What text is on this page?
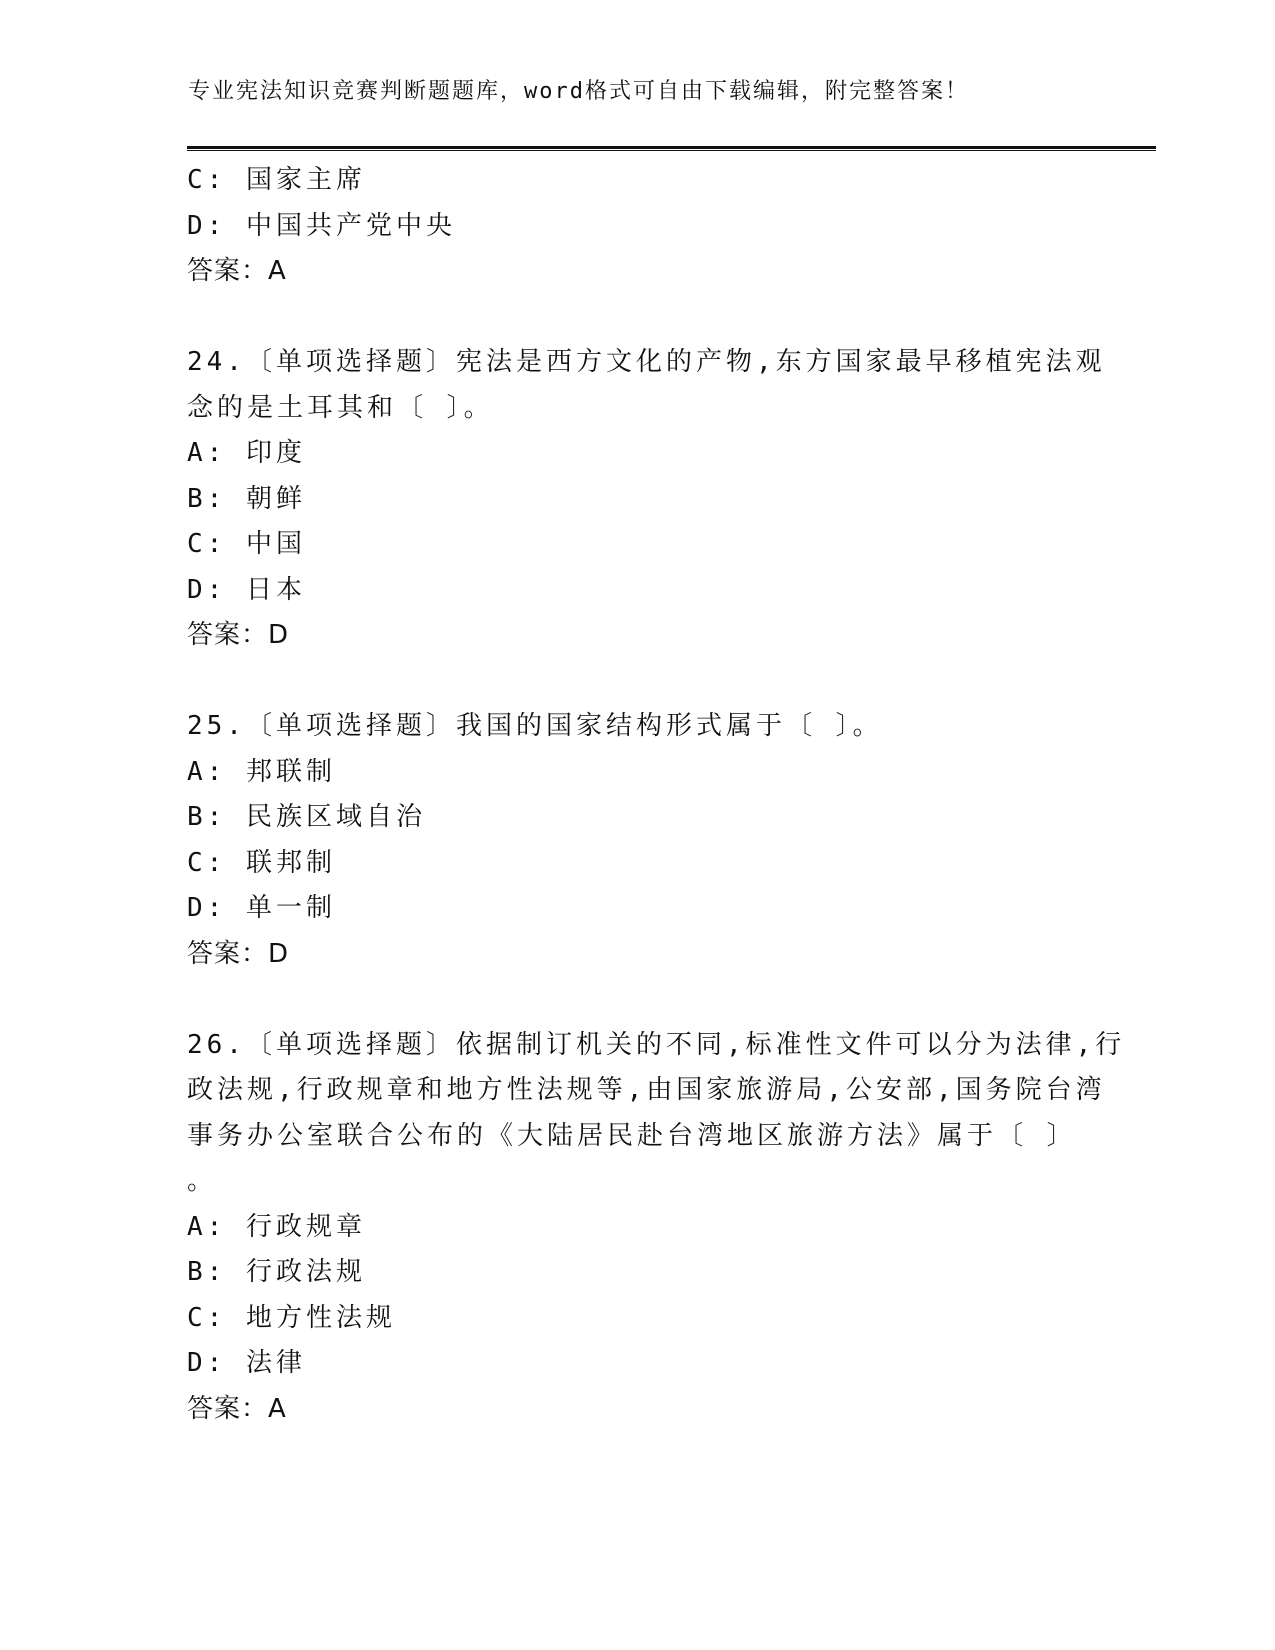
专业宪法知识竞赛判断题题库，word格式可自由下载编辑，附完整答案！
C: 国家主席
D: 中国共产党中央
答案：A
24.〔单项选择题〕宪法是西方文化的产物,东方国家最早移植宪法观
念的是土耳其和〔 〕。
A: 印度
B: 朝鲜
C: 中国
D: 日本
答案：D
25.〔单项选择题〕我国的国家结构形式属于〔 〕。
A: 邦联制
B: 民族区域自治
C: 联邦制
D: 单一制
答案：D
26.〔单项选择题〕依据制订机关的不同,标准性文件可以分为法律,行
政法规,行政规章和地方性法规等,由国家旅游局,公安部,国务院台湾
事务办公室联合公布的《大陆居民赴台湾地区旅游方法》属于〔 〕
。
A: 行政规章
B: 行政法规
C: 地方性法规
D: 法律
答案：A
